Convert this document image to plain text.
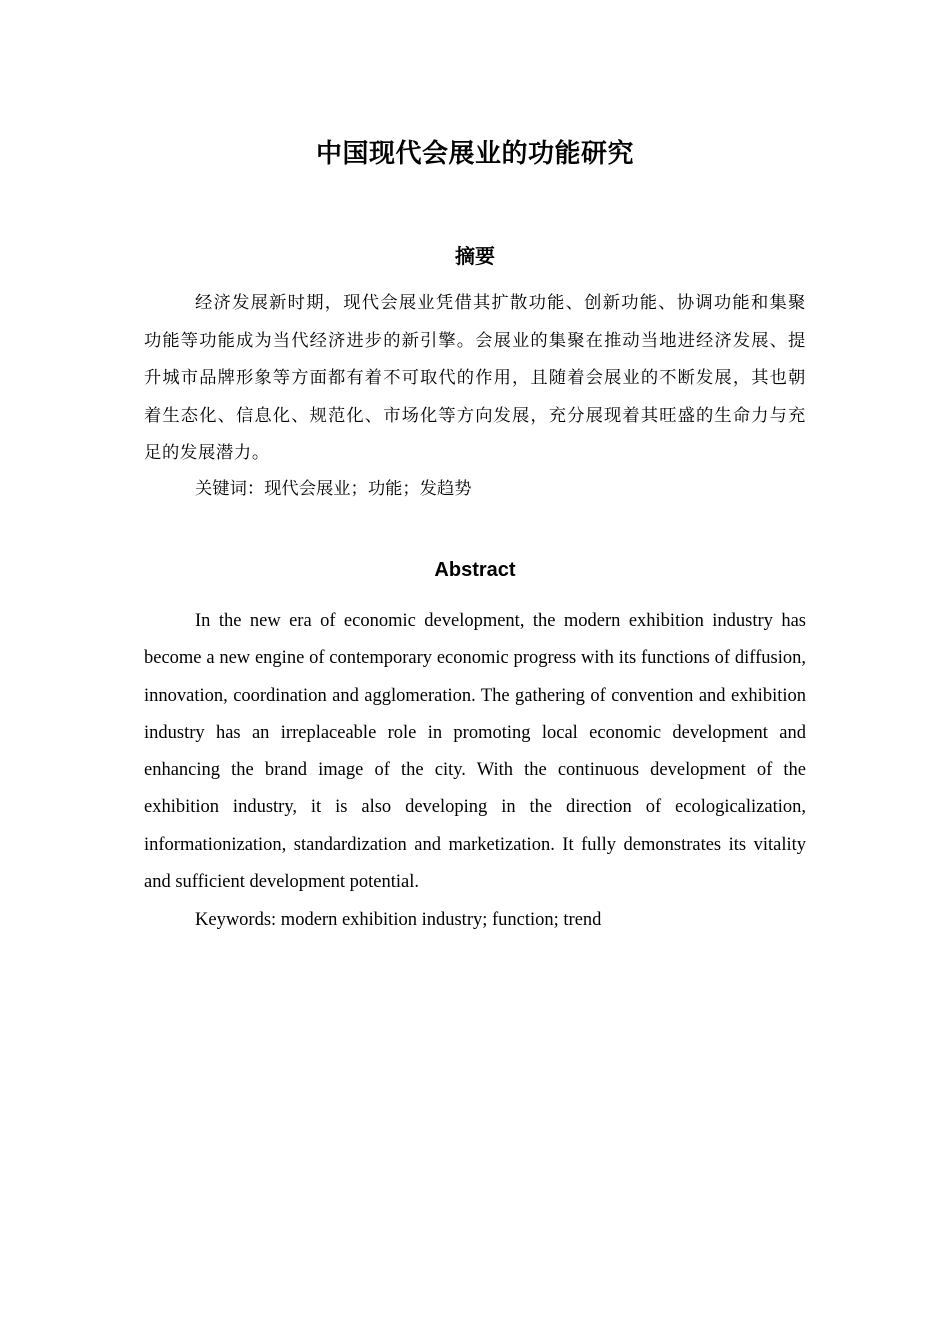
中国现代会展业的功能研究
摘要

经济发展新时期，现代会展业凭借其扩散功能、创新功能、协调功能和集聚功能等功能成为当代经济进步的新引擎。会展业的集聚在推动当地进经济发展、提升城市品牌形象等方面都有着不可取代的作用，且随着会展业的不断发展，其也朝着生态化、信息化、规范化、市场化等方向发展，充分展现着其旺盛的生命力与充足的发展潜力。

关键词：现代会展业；功能；发趋势

Abstract

In the new era of economic development, the modern exhibition industry has become a new engine of contemporary economic progress with its functions of diffusion, innovation, coordination and agglomeration. The gathering of convention and exhibition industry has an irreplaceable role in promoting local economic development and enhancing the brand image of the city. With the continuous development of the exhibition industry, it is also developing in the direction of ecologicalization, informationization, standardization and marketization. It fully demonstrates its vitality and sufficient development potential.

Keywords: modern exhibition industry; function; trend
